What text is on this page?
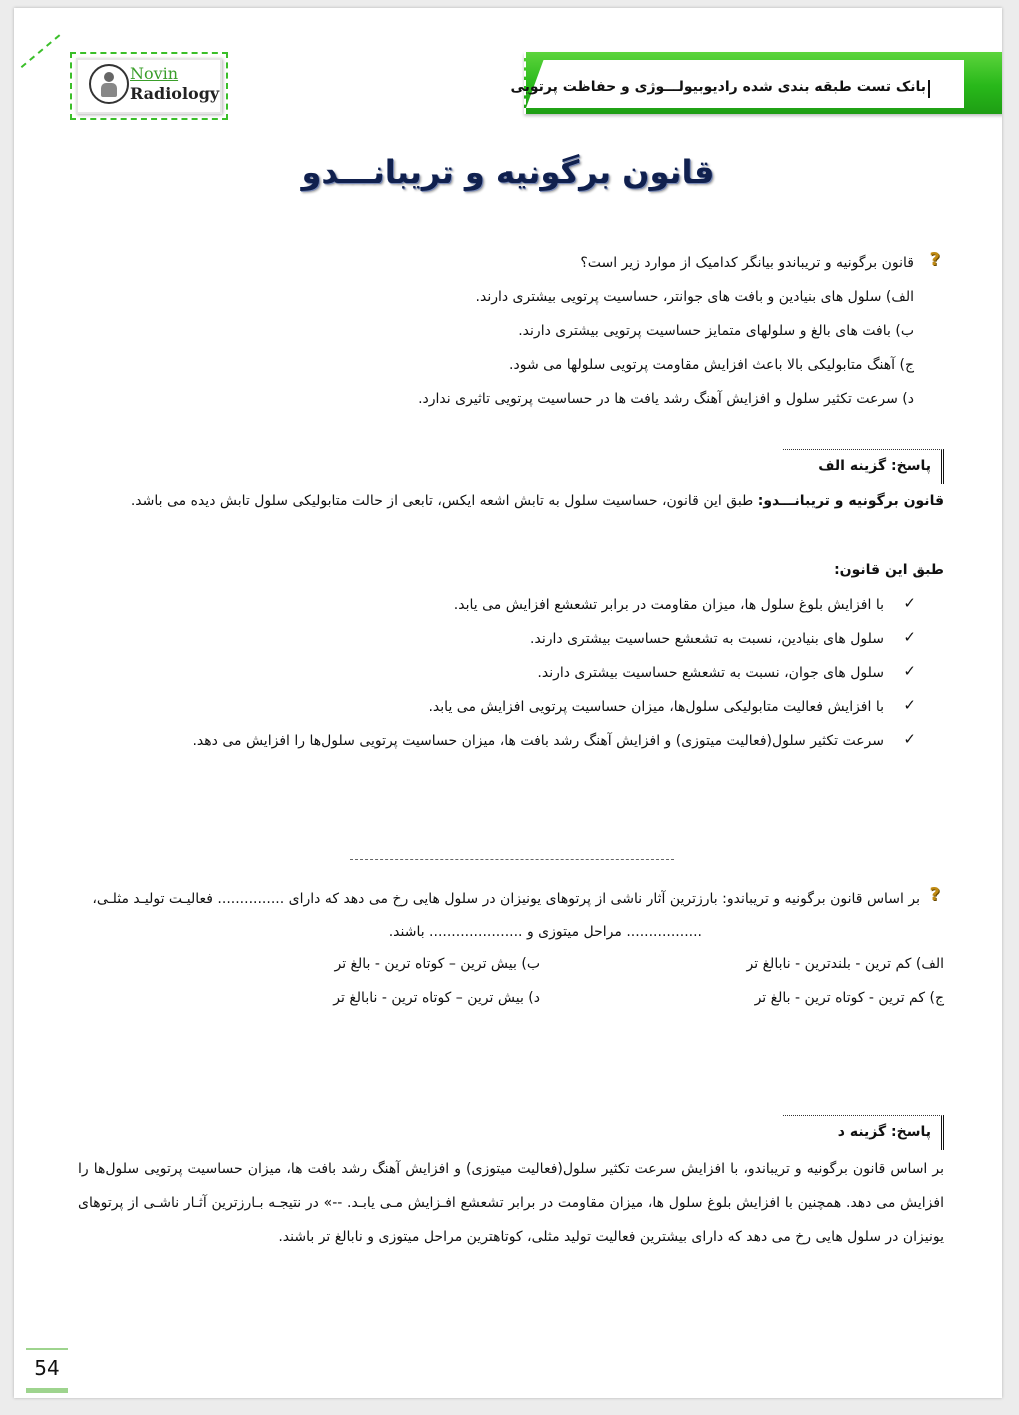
بانک تست طبقه بندی شده رادیوبیولـــوژی و حفاظت پرتویی
Novin
Radiology
قانون برگونیه و تریبانـــدو
?
قانون برگونیه و تریباندو بیانگر کدامیک از موارد زیر است؟
الف) سلول های بنیادین و بافت های جوانتر، حساسیت پرتویی بیشتری دارند.
ب) بافت های بالغ و سلولهای متمایز حساسیت پرتویی بیشتری دارند.
ج) آهنگ متابولیکی بالا باعث افزایش مقاومت پرتویی سلولها می شود.
د) سرعت تکثیر سلول و افزایش آهنگ رشد یافت ها در حساسیت پرتویی تاثیری ندارد.
پاسخ: گزینه الف
قانون برگونیه و تریبانـــدو: طبق این قانون، حساسیت سلول به تابش اشعه ایکس، تابعی از حالت متابولیکی سلول تابش دیده می باشد.
طبق این قانون:
✓
با افزایش بلوغ سلول ها، میزان مقاومت در برابر تشعشع افزایش می یابد.
✓
سلول های بنیادین، نسبت به تشعشع حساسیت بیشتری دارند.
✓
سلول های جوان، نسبت به تشعشع حساسیت بیشتری دارند.
✓
با افزایش فعالیت متابولیکی سلول‌ها، میزان حساسیت پرتویی افزایش می یابد.
✓
سرعت تکثیر سلول(فعالیت میتوزی) و افزایش آهنگ رشد بافت ها، میزان حساسیت پرتویی سلول‌ها را افزایش می دهد.
?
بر اساس قانون برگونیه و تریباندو: بارزترین آثار ناشی از پرتوهای یونیزان در سلول هایی رخ می دهد که دارای ............... فعالیـت تولیـد مثلـی،
................. مراحل میتوزی و ..................... باشند.
الف) کم ترین - بلندترین - نابالغ تر
ب) بیش ترین – کوتاه ترین - بالغ تر
ج) کم ترین - کوتاه ترین - بالغ تر
د) بیش ترین – کوتاه ترین - نابالغ تر
پاسخ: گزینه د
بر اساس قانون برگونیه و تریباندو، با افزایش سرعت تکثیر سلول(فعالیت میتوزی) و افزایش آهنگ رشد بافت ها، میزان حساسیت پرتویی سلول‌ها را افزایش می دهد. همچنین با افزایش بلوغ سلول ها، میزان مقاومت در برابر تشعشع افـزایش مـی یابـد. --» در نتیجـه بـارزترین آثـار ناشـی از پرتوهای یونیزان در سلول هایی رخ می دهد که دارای بیشترین فعالیت تولید مثلی، کوتاهترین مراحل میتوزی و نابالغ تر باشند.
54
